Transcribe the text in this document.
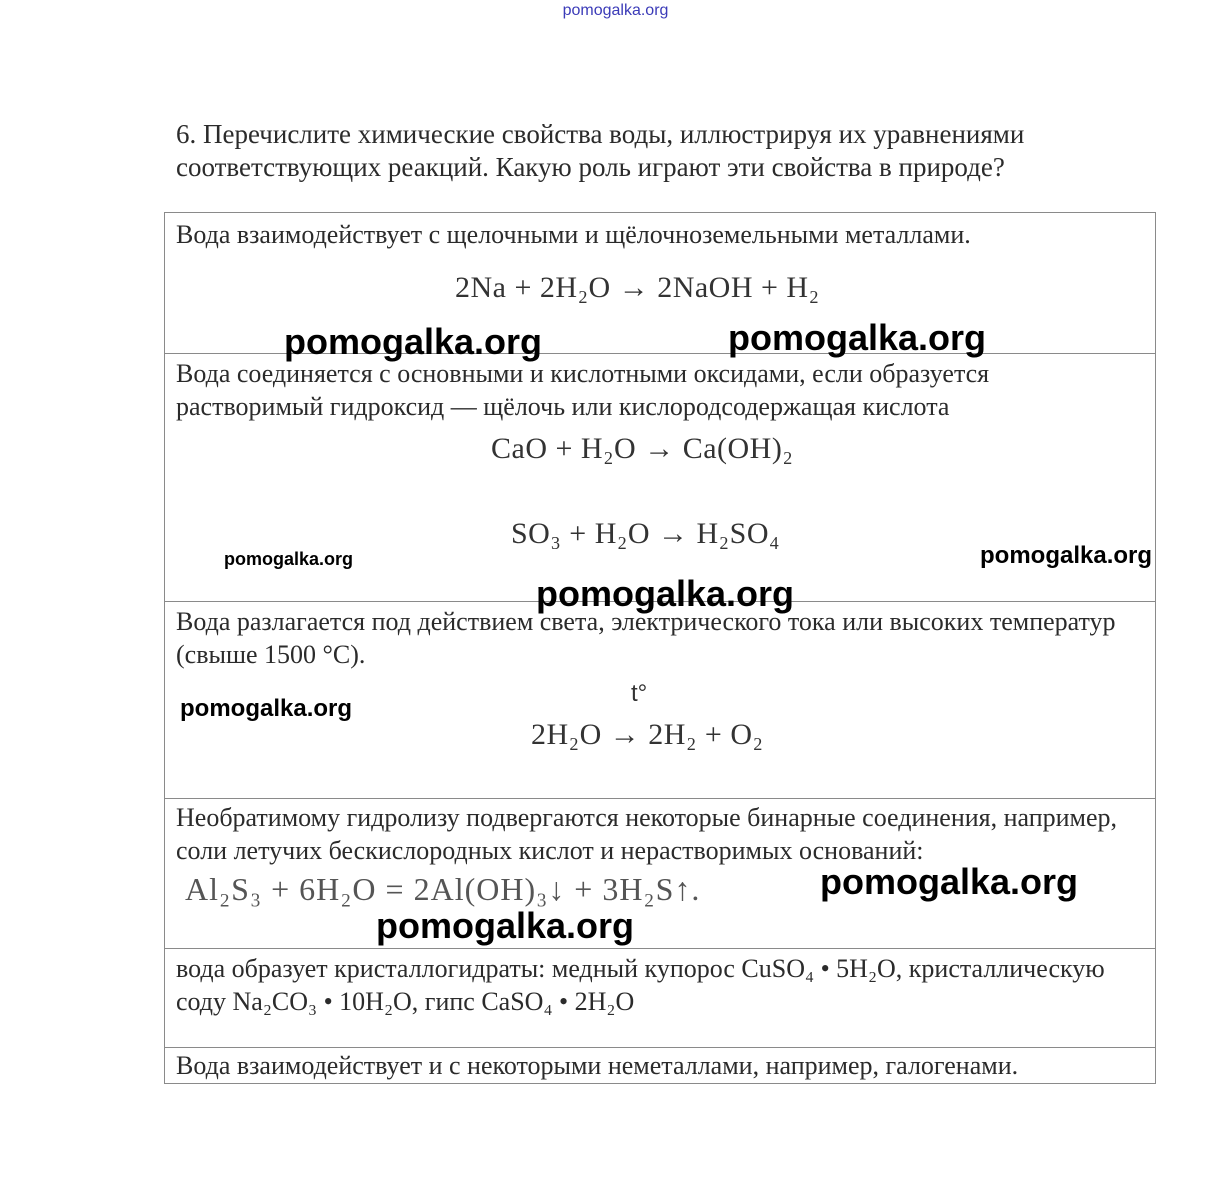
pomogalka.org
6. Перечислите химические свойства воды, иллюстрируя их уравнениями соответствующих реакций. Какую роль играют эти свойства в природе?
Вода взаимодействует с щелочными и щёлочноземельными металлами.
2Na + 2H₂O → 2NaOH + H₂
pomogalka.org	pomogalka.org
Вода соединяется с основными и кислотными оксидами, если образуется растворимый гидроксид — щёлочь или кислородсодержащая кислота
CaO + H₂O → Ca(OH)₂
SO₃ + H₂O → H₂SO₄
pomogalka.org	pomogalka.org
pomogalka.org
Вода разлагается под действием света, электрического тока или высоких температур (свыше 1500 °С).
t°
2H₂O → 2H₂ + O₂
pomogalka.org
Необратимому гидролизу подвергаются некоторые бинарные соединения, например, соли летучих бескислородных кислот и нерастворимых оснований:
Al₂S₃ + 6H₂O = 2Al(OH)₃↓ + 3H₂S↑.	pomogalka.org
pomogalka.org
вода образует кристаллогидраты: медный купорос CuSO₄ • 5H₂O, кристаллическую соду Na₂CO₃ • 10H₂O, гипс CaSO₄ • 2H₂O
Вода взаимодействует и с некоторыми неметаллами, например, галогенами.
